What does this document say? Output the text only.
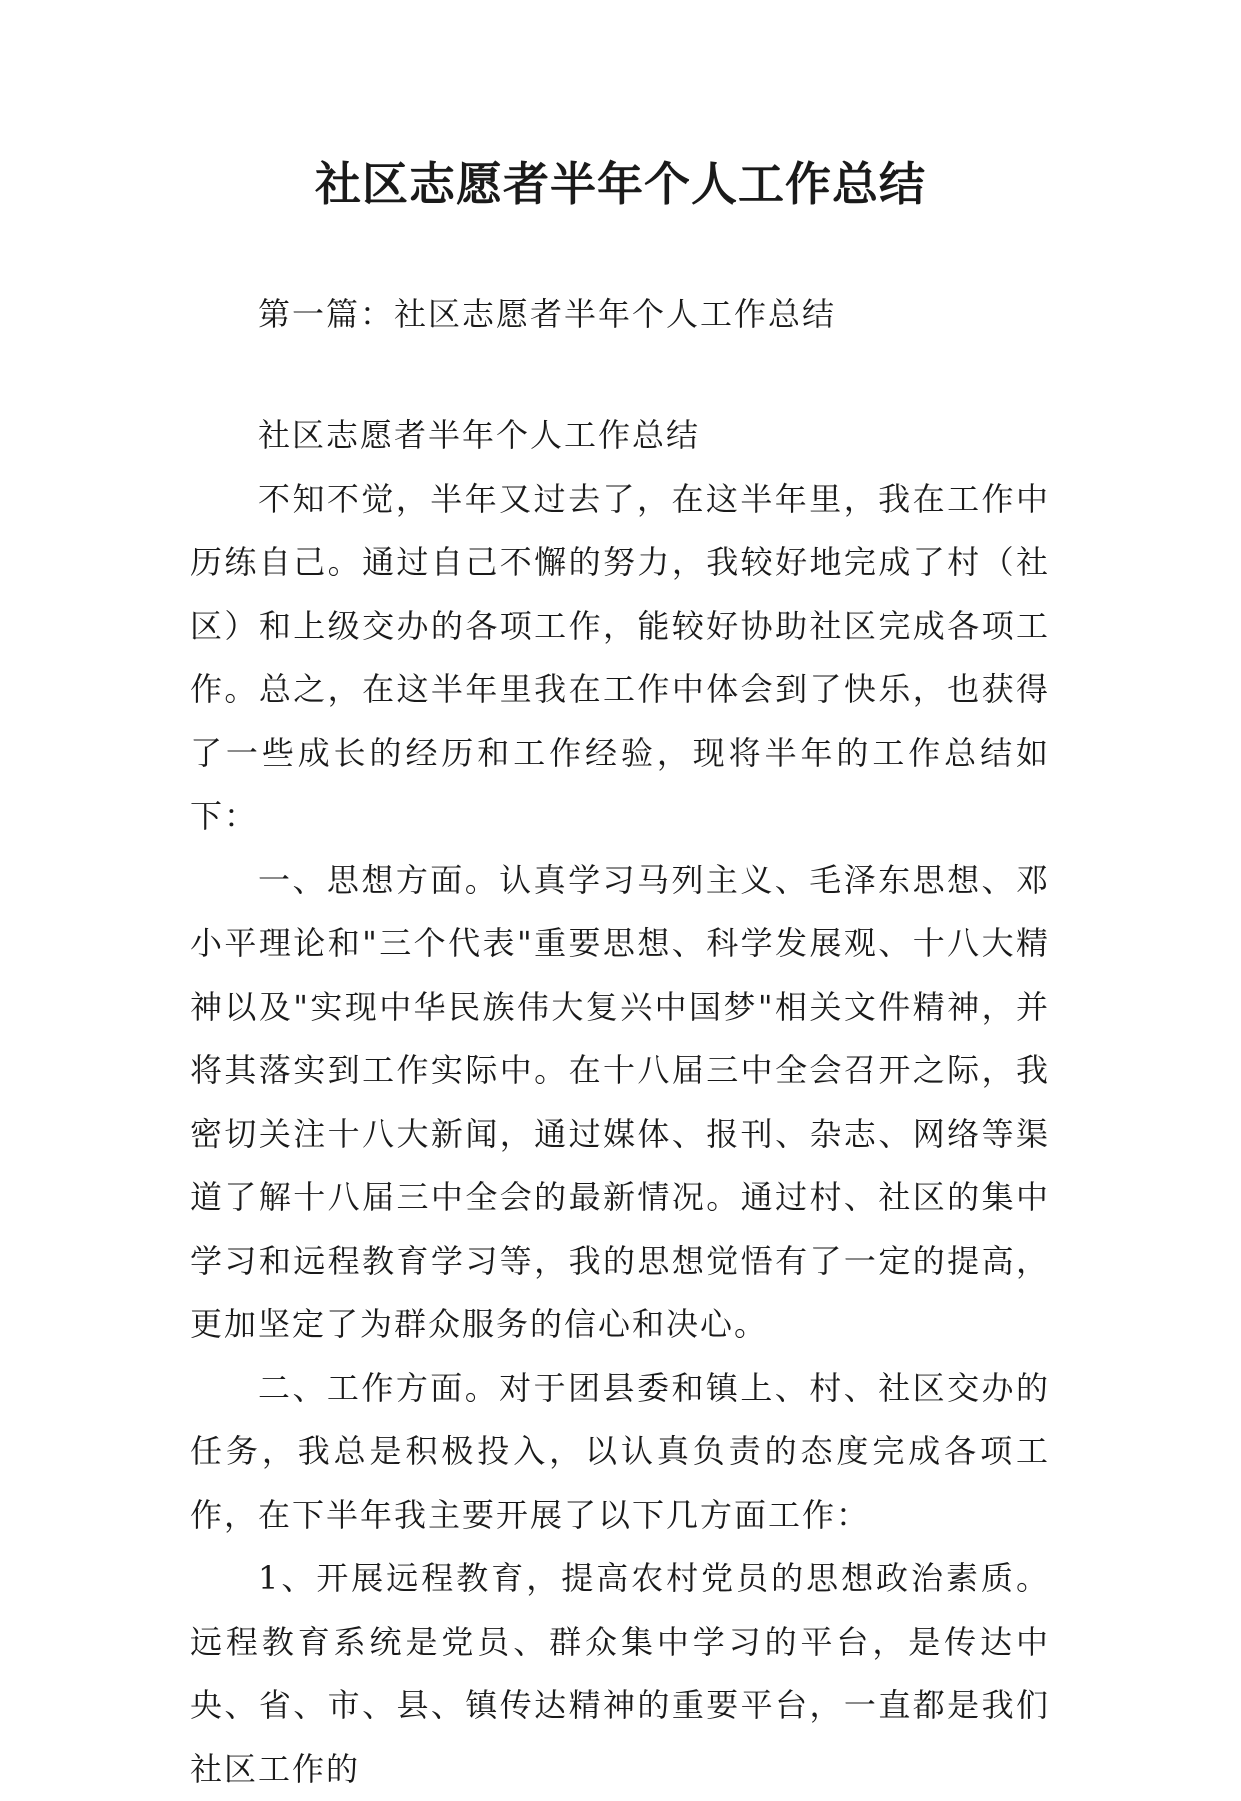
社区志愿者半年个人工作总结

第一篇：社区志愿者半年个人工作总结

社区志愿者半年个人工作总结

不知不觉，半年又过去了，在这半年里，我在工作中历练自己。通过自己不懈的努力，我较好地完成了村（社区）和上级交办的各项工作，能较好协助社区完成各项工作。总之，在这半年里我在工作中体会到了快乐，也获得了一些成长的经历和工作经验，现将半年的工作总结如下：

一、思想方面。认真学习马列主义、毛泽东思想、邓小平理论和"三个代表"重要思想、科学发展观、十八大精神以及"实现中华民族伟大复兴中国梦"相关文件精神，并将其落实到工作实际中。在十八届三中全会召开之际，我密切关注十八大新闻，通过媒体、报刊、杂志、网络等渠道了解十八届三中全会的最新情况。通过村、社区的集中学习和远程教育学习等，我的思想觉悟有了一定的提高，更加坚定了为群众服务的信心和决心。

二、工作方面。对于团县委和镇上、村、社区交办的任务，我总是积极投入，以认真负责的态度完成各项工作，在下半年我主要开展了以下几方面工作：

1、开展远程教育，提高农村党员的思想政治素质。远程教育系统是党员、群众集中学习的平台，是传达中央、省、市、县、镇传达精神的重要平台，一直都是我们社区工作的
